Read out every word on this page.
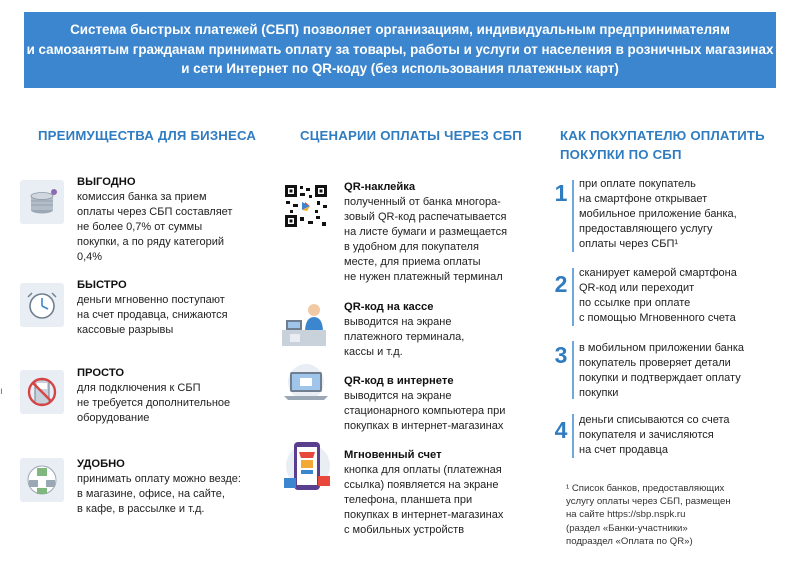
Система быстрых платежей (СБП) позволяет организациям, индивидуальным предпринимателям
и самозанятым гражданам принимать оплату за товары, работы и услуги от населения в розничных магазинах
и сети Интернет по QR-коду (без использования платежных карт)
ПРЕИМУЩЕСТВА ДЛЯ БИЗНЕСА	СЦЕНАРИИ ОПЛАТЫ ЧЕРЕЗ СБП	КАК ПОКУПАТЕЛЮ ОПЛАТИТЬ
ПОКУПКИ ПО СБП
ı
ВЫГОДНО
комиссия банка за прием
оплаты через СБП составляет
не более 0,7% от суммы
покупки, а по ряду категорий
0,4%
БЫСТРО
деньги мгновенно поступают
на счет продавца, снижаются
кассовые разрывы
ПРОСТО
для подключения к СБП
не требуется дополнительное
оборудование
УДОБНО
принимать оплату можно везде:
в магазине, офисе, на сайте,
в кафе, в рассылке и т.д.
QR-наклейка
полученный от банка многора-
зовый QR-код распечатывается
на листе бумаги и размещается
в удобном для покупателя
месте, для приема оплаты
не нужен платежный терминал
QR-код на кассе
выводится на экране
платежного терминала,
кассы и т.д.
QR-код в интернете
выводится на экране
стационарного компьютера при
покупках в интернет-магазинах
Мгновенный счет
кнопка для оплаты (платежная
ссылка) появляется на экране
телефона, планшета при
покупках в интернет-магазинах
с мобильных устройств
1	при оплате покупатель
на смартфоне открывает
мобильное приложение банка,
предоставляющего услугу
оплаты через СБП¹
2	сканирует камерой смартфона
QR-код или переходит
по ссылке при оплате
с помощью Мгновенного счета
3	в мобильном приложении банка
покупатель проверяет детали
покупки и подтверждает оплату
покупки
4	деньги списываются со счета
покупателя и зачисляются
на счет продавца
¹ Список банков, предоставляющих
услугу оплаты через СБП, размещен
на сайте https://sbp.nspk.ru
(раздел «Банки-участники»
подраздел «Оплата по QR»)
